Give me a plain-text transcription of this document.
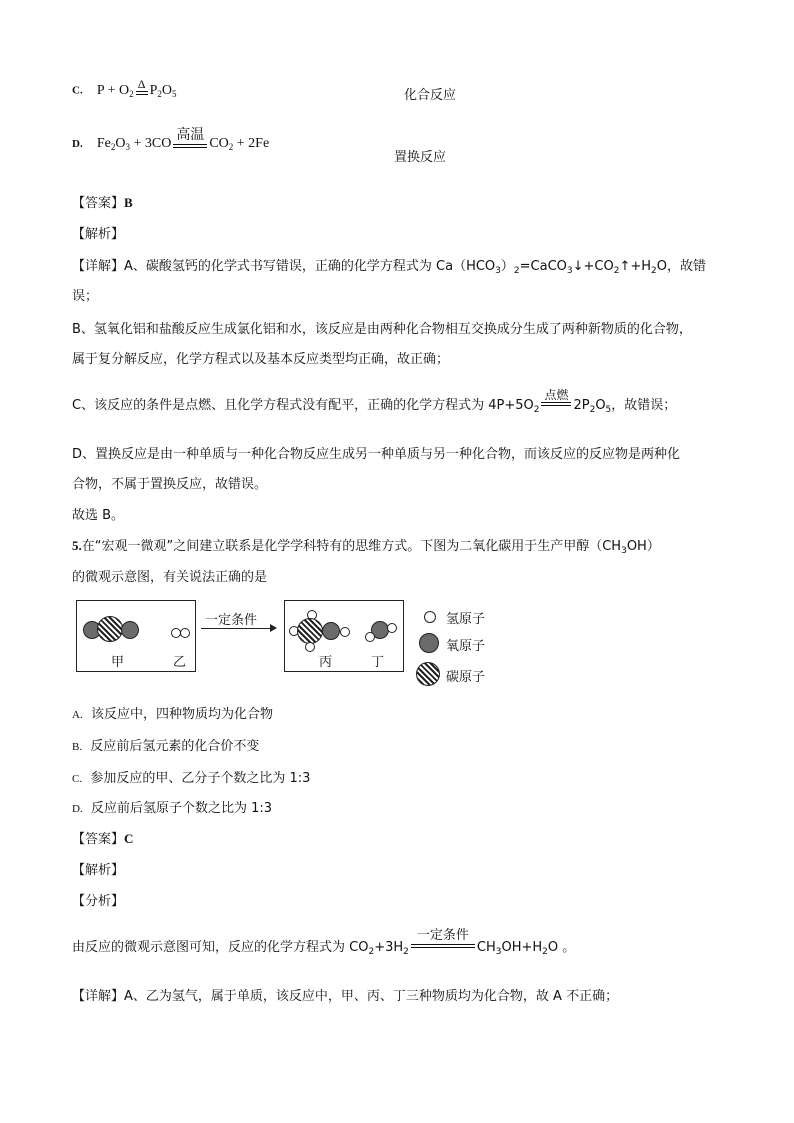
C. $P + O_2$
Δ $P_2O_5$	化合反应
D. $Fe_2O_3 + 3CO$
高温
$CO_2 + 2Fe$
置换反应
【答案】B
【解析】
【详解】A、碳酸氢钙的化学式书写错误，正确的化学方程式为 $Ca(HCO_3)_2=CaCO_3↓+CO_2↑+H_2O$，故错
误；
B、氢氧化铝和盐酸反应生成氯化铝和水，该反应是由两种化合物相互交换成分生成了两种新物质的化合物，
属于复分解反应，化学方程式以及基本反应类型均正确，故正确；
C、该反应的条件是点燃、且化学方程式没有配平，正确的化学方程式为 $4P+5O_2$
点燃
$2P_2O_5$，故错误；
D、置换反应是由一种单质与一种化合物反应生成另一种单质与另一种化合物，而该反应的反应物是两种化
合物，不属于置换反应，故错误。
故选 B。
5.在“宏观一微观”之间建立联系是化学学科特有的思维方式。下图为二氧化碳用于生产甲醇$(CH_3OH)$
的微观示意图，有关说法正确的是
甲	乙
一定条件
丙	丁
氢原子
氧原子
碳原子
A. 该反应中，四种物质均为化合物
B. 反应前后氢元素的化合价不变
C. 参加反应的甲、乙分子个数之比为 1:3
D. 反应前后氢原子个数之比为 1:3
【答案】C
【解析】
【分析】
由反应的微观示意图可知，反应的化学方程式为 $CO_2+3H_2$
一定条件
$CH_3OH+H_2O$ 。
【详解】A、乙为氢气，属于单质，该反应中，甲、丙、丁三种物质均为化合物，故 A 不正确；
